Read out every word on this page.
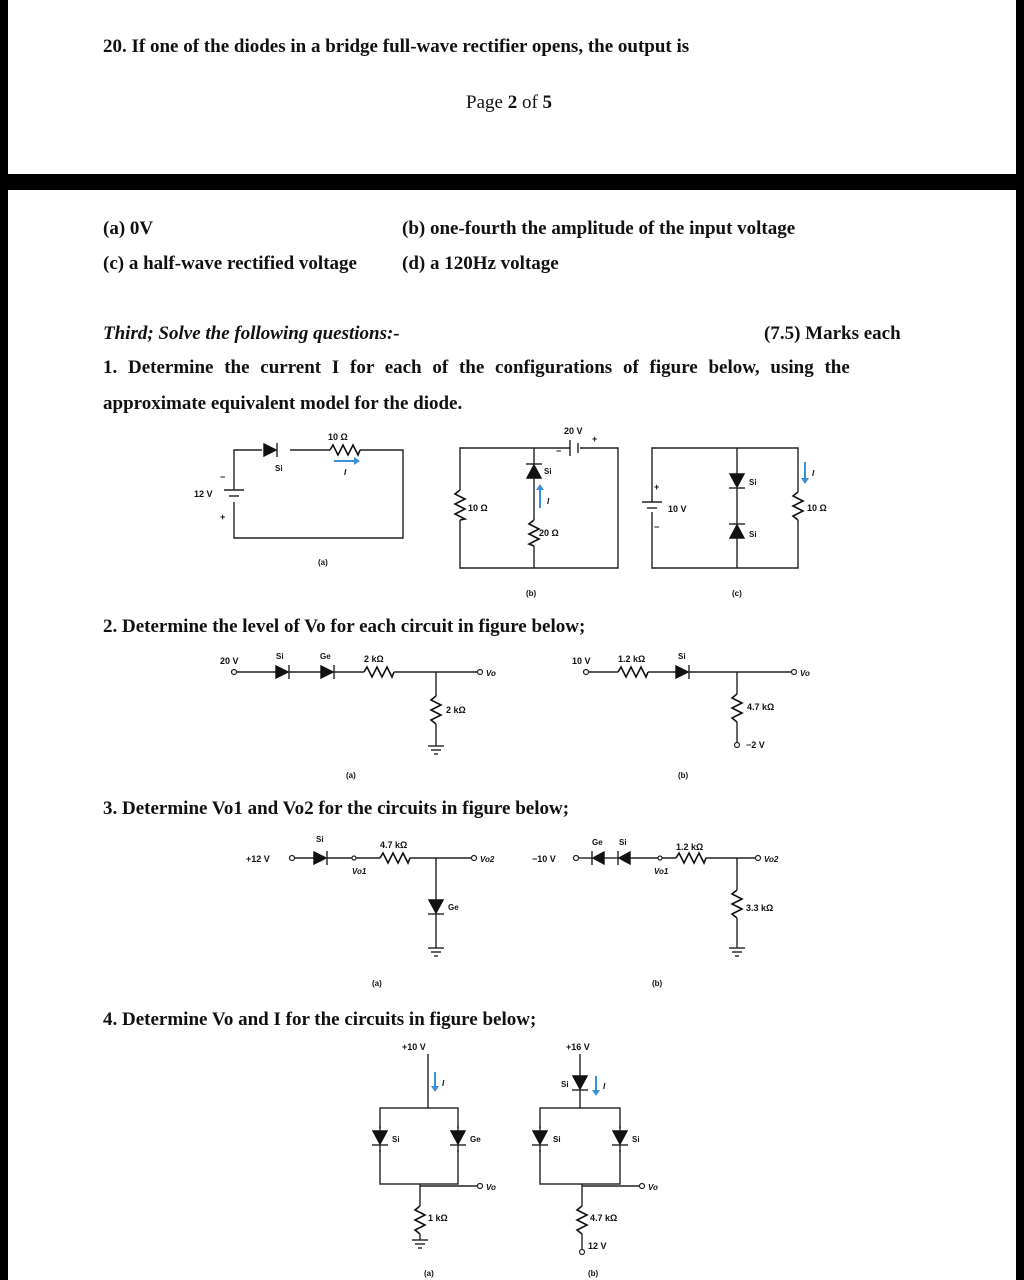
20. If one of the diodes in a bridge full-wave rectifier opens, the output is
Page 2 of 5
(a) 0V	(b) one-fourth the amplitude of the input voltage
(c) a half-wave rectified voltage (d) a 120Hz voltage
Third; Solve the following questions:-	(7.5) Marks each
1. Determine the current I for each of the configurations of figure below, using the
approximate equivalent model for the diode.
2. Determine the level of Vo for each circuit in figure below;
3. Determine Vo1 and Vo2 for the circuits in figure below;
4. Determine Vo and I for the circuits in figure below;
10 Ω
Si	I
12 V
−
+
(a)
20 V
−
+
Si
I
10 Ω
20 Ω
(b)
+
−
10 V
Si
Si
I
10 Ω
(c)
20 V	Si	Ge	2 kΩ
2 kΩ
Vo
(a)
10 V	1.2 kΩ	Si
4.7 kΩ
−2 V
Vo
(b)
+12 V
Si
4.7 kΩ
Ge
Vo1
Vo2
(a)
−10 V
Ge Si	1.2 kΩ
3.3 kΩ
Vo1
Vo2
(b)
+10 V
I
Si	Ge
1 kΩ
Vo
(a)
+16 V
Si	I
Si	Si
4.7 kΩ
12 V
Vo
(b)
